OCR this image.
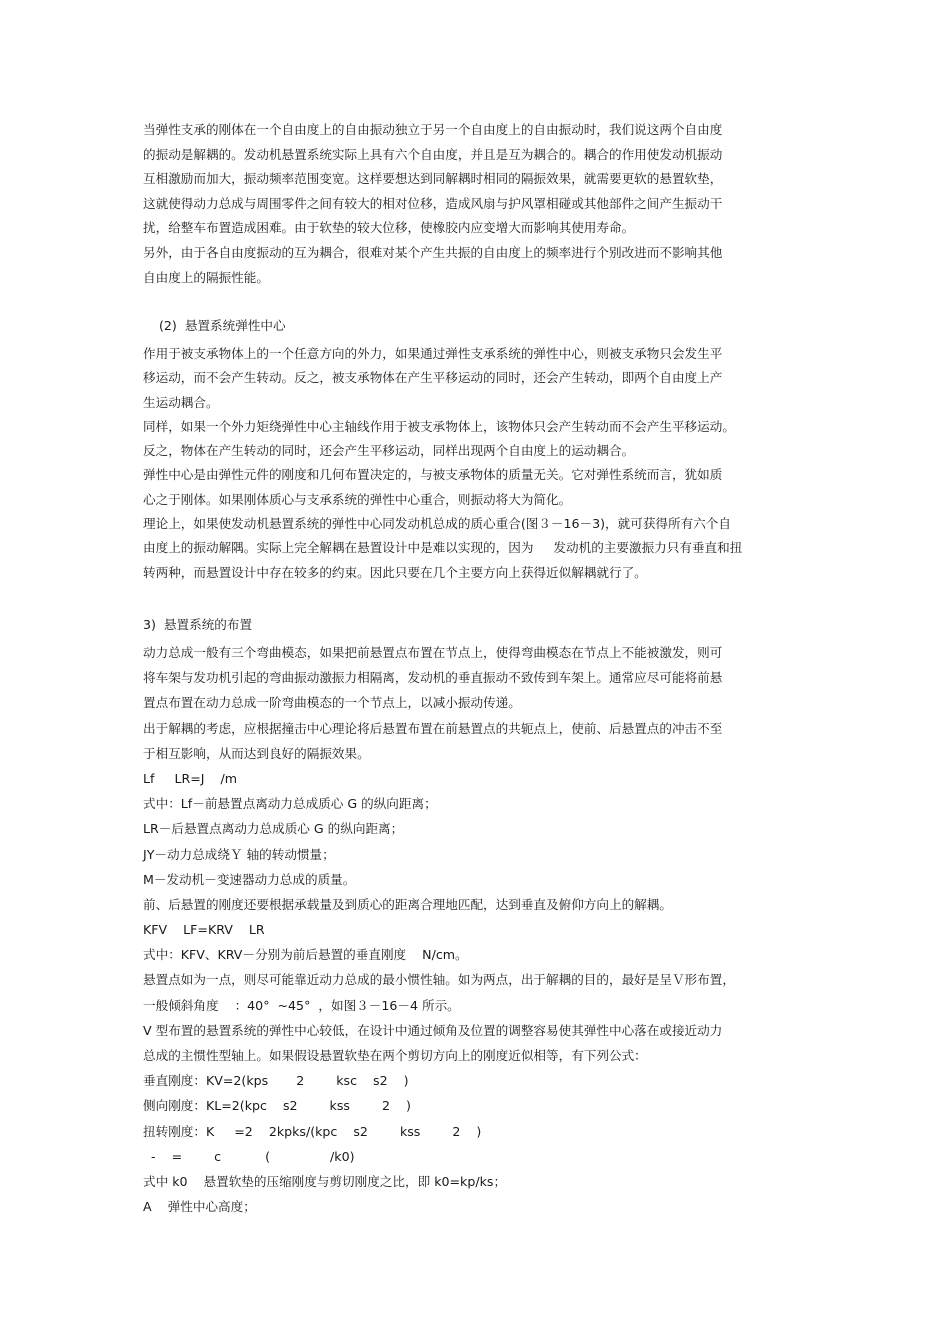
当弹性支承的刚体在一个自由度上的自由振动独立于另一个自由度上的自由振动时，我们说这两个自由度
的振动是解耦的。发动机悬置系统实际上具有六个自由度，并且是互为耦合的。耦合的作用使发动机振动
互相激励而加大，振动频率范围变宽。这样要想达到同解耦时相同的隔振效果，就需要更软的悬置软垫，
这就使得动力总成与周围零件之间有较大的相对位移，造成风扇与护风罩相碰或其他部件之间产生振动干
扰，给整车布置造成困难。由于软垫的较大位移，使橡胶内应变增大而影响其使用寿命。
另外，由于各自由度振动的互为耦合，很难对某个产生共振的自由度上的频率进行个别改进而不影响其他
自由度上的隔振性能。
(2)  悬置系统弹性中心
作用于被支承物体上的一个任意方向的外力，如果通过弹性支承系统的弹性中心，则被支承物只会发生平
移运动，而不会产生转动。反之，被支承物体在产生平移运动的同时，还会产生转动，即两个自由度上产
生运动耦合。
同样，如果一个外力矩绕弹性中心主轴线作用于被支承物体上，该物体只会产生转动而不会产生平移运动。
反之，物体在产生转动的同时，还会产生平移运动，同样出现两个自由度上的运动耦合。
弹性中心是由弹性元件的刚度和几何布置决定的，与被支承物体的质量无关。它对弹性系统而言，犹如质
心之于刚体。如果刚体质心与支承系统的弹性中心重合，则振动将大为简化。
理论上，如果使发动机悬置系统的弹性中心同发动机总成的质心重合(图３－16－3)，就可获得所有六个自
由度上的振动解隅。实际上完全解耦在悬置设计中是难以实现的，因为     发动机的主要激振力只有垂直和扭
转两种，而悬置设计中存在较多的约束。因此只要在几个主要方向上获得近似解耦就行了。
3)  悬置系统的布置
动力总成一般有三个弯曲模态，如果把前悬置点布置在节点上，使得弯曲模态在节点上不能被激发，则可
将车架与发功机引起的弯曲振动激振力相隔离，发动机的垂直振动不致传到车架上。通常应尽可能将前悬
置点布置在动力总成一阶弯曲模态的一个节点上，以减小振动传递。
出于解耦的考虑，应根据撞击中心理论将后悬置布置在前悬置点的共轭点上，使前、后悬置点的冲击不至
于相互影响，从而达到良好的隔振效果。
Lf     LR=J    /m
式中：Lf－前悬置点离动力总成质心 G 的纵向距离；
LR－后悬置点离动力总成质心 G 的纵向距离；
JY－动力总成绕Ｙ 轴的转动惯量；
M－发动机－变速器动力总成的质量。
前、后悬置的刚度还要根据承载量及到质心的距离合理地匹配，达到垂直及俯仰方向上的解耦。
KFV    LF=KRV    LR
式中：KFV、KRV－分别为前后悬置的垂直刚度    N/cm。
悬置点如为一点，则尽可能靠近动力总成的最小惯性轴。如为两点，出于解耦的目的，最好是呈Ｖ形布置，
一般倾斜角度    ：40°  ~45°  ，如图３－16－4 所示。
V 型布置的悬置系统的弹性中心较低，在设计中通过倾角及位置的调整容易使其弹性中心落在或接近动力
总成的主惯性型轴上。如果假设悬置软垫在两个剪切方向上的刚度近似相等，有下列公式：
垂直刚度：KV=2(kps       2        ksc    s2    )
侧向刚度：KL=2(kpc    s2        kss        2    )
扭转刚度：K     =2    2kpks/(kpc    s2        kss        2    )
-    =        c           (               /k0)
式中 k0    悬置软垫的压缩刚度与剪切刚度之比，即 k0=kp/ks；
A    弹性中心高度；
